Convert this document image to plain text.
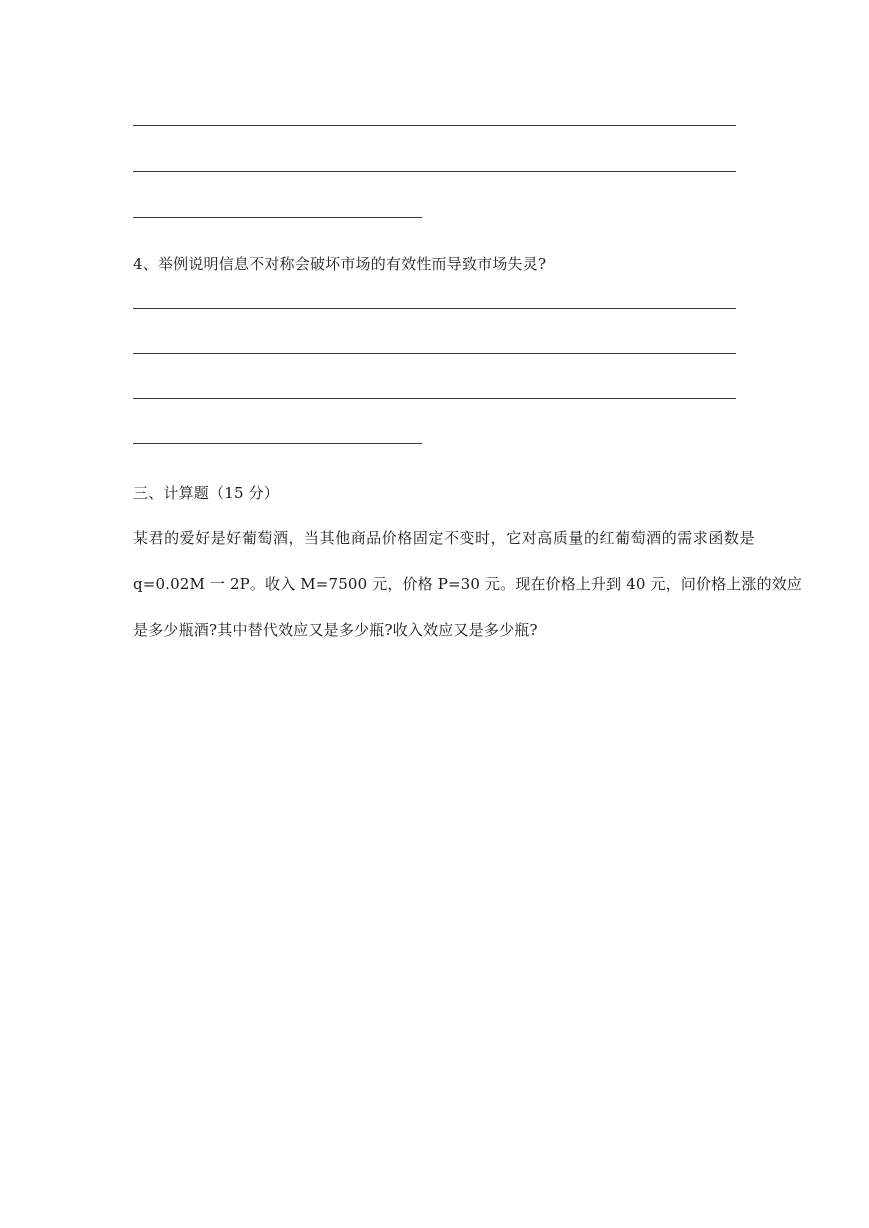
4、举例说明信息不对称会破坏市场的有效性而导致市场失灵?
三、计算题（15 分）
某君的爱好是好葡萄酒，当其他商品价格固定不变时，它对高质量的红葡萄酒的需求函数是
q=0.02M 一 2P。收入 M=7500 元，价格 P=30 元。现在价格上升到 40 元，问价格上涨的效应
是多少瓶酒?其中替代效应又是多少瓶?收入效应又是多少瓶?
